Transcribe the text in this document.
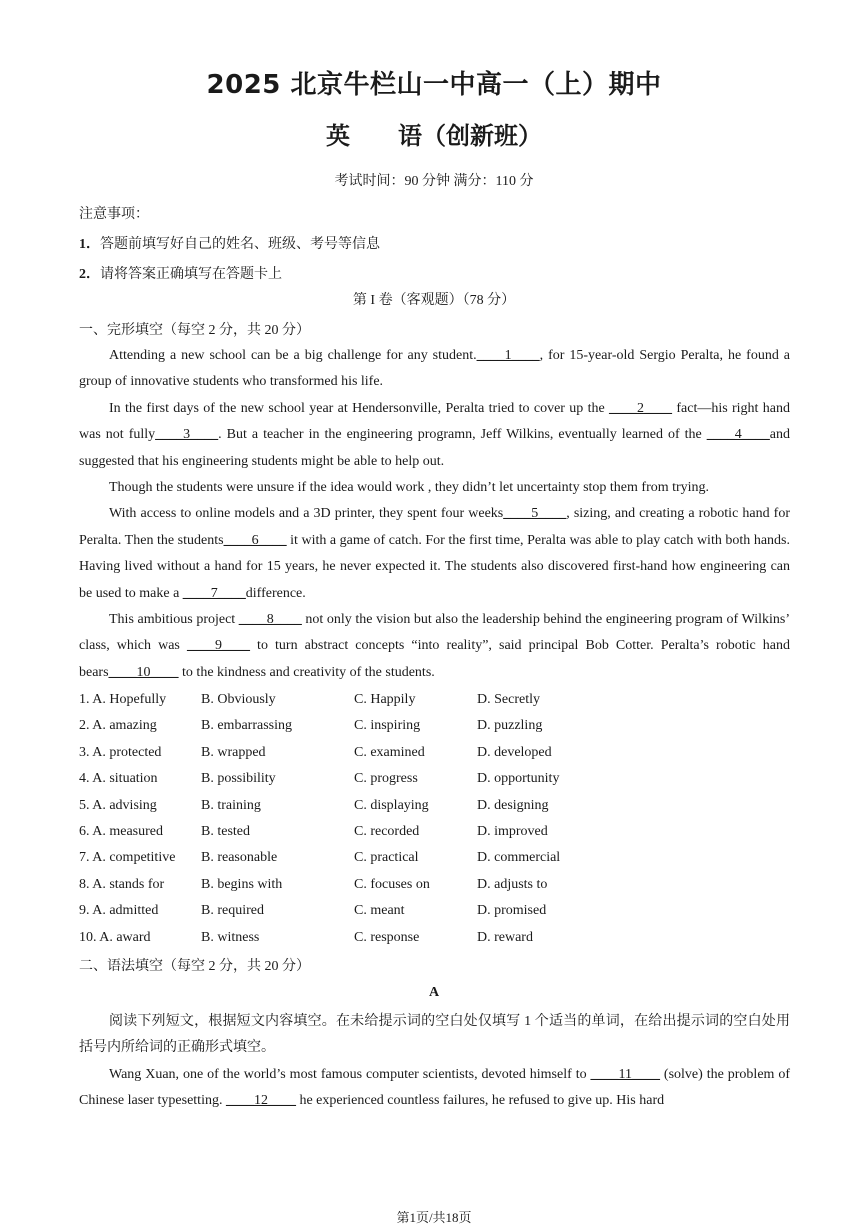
2025 北京牛栏山一中高一（上）期中
英 语（创新班）
考试时间：90 分钟 满分：110 分
注意事项：
1．答题前填写好自己的姓名、班级、考号等信息
2．请将答案正确填写在答题卡上
第 I 卷（客观题）（78 分）
一、完形填空（每空 2 分，共 20 分）

Attending a new school can be a big challenge for any student.____1____, for 15-year-old Sergio Peralta, he found a group of innovative students who transformed his life.

In the first days of the new school year at Hendersonville, Peralta tried to cover up the ____2____ fact—his right hand was not fully____3____. But a teacher in the engineering programn, Jeff Wilkins, eventually learned of the ____4____and suggested that his engineering students might be able to help out.

Though the students were unsure if the idea would work , they didn’t let uncertainty stop them from trying.

With access to online models and a 3D printer, they spent four weeks____5____, sizing, and creating a robotic hand for Peralta. Then the students____6____ it with a game of catch. For the first time, Peralta was able to play catch with both hands. Having lived without a hand for 15 years, he never expected it. The students also discovered first-hand how engineering can be used to make a ____7____difference.

This ambitious project ____8____ not only the vision but also the leadership behind the engineering program of Wilkins’ class, which was ____9____ to turn abstract concepts “into reality”, said principal Bob Cotter. Peralta’s robotic hand bears____10____ to the kindness and creativity of the students.

1. A. Hopefully	B. Obviously	C. Happily	D. Secretly
2. A. amazing	B. embarrassing	C. inspiring	D. puzzling
3. A. protected	B. wrapped	C. examined	D. developed
4. A. situation	B. possibility	C. progress	D. opportunity
5. A. advising	B. training	C. displaying	D. designing
6. A. measured	B. tested	C. recorded	D. improved
7. A. competitive	B. reasonable	C. practical	D. commercial
8. A. stands for	B. begins with	C. focuses on	D. adjusts to
9. A. admitted	B. required	C. meant	D. promised
10. A. award	B. witness	C. response	D. reward
二、语法填空（每空 2 分，共 20 分）
A

阅读下列短文，根据短文内容填空。在未给提示词的空白处仅填写 1 个适当的单词，在给出提示词的空白处用括号内所给词的正确形式填空。

Wang Xuan, one of the world’s most famous computer scientists, devoted himself to ____11____ (solve) the problem of Chinese laser typesetting. ____12____ he experienced countless failures, he refused to give up. His hard

第1页/共18页
